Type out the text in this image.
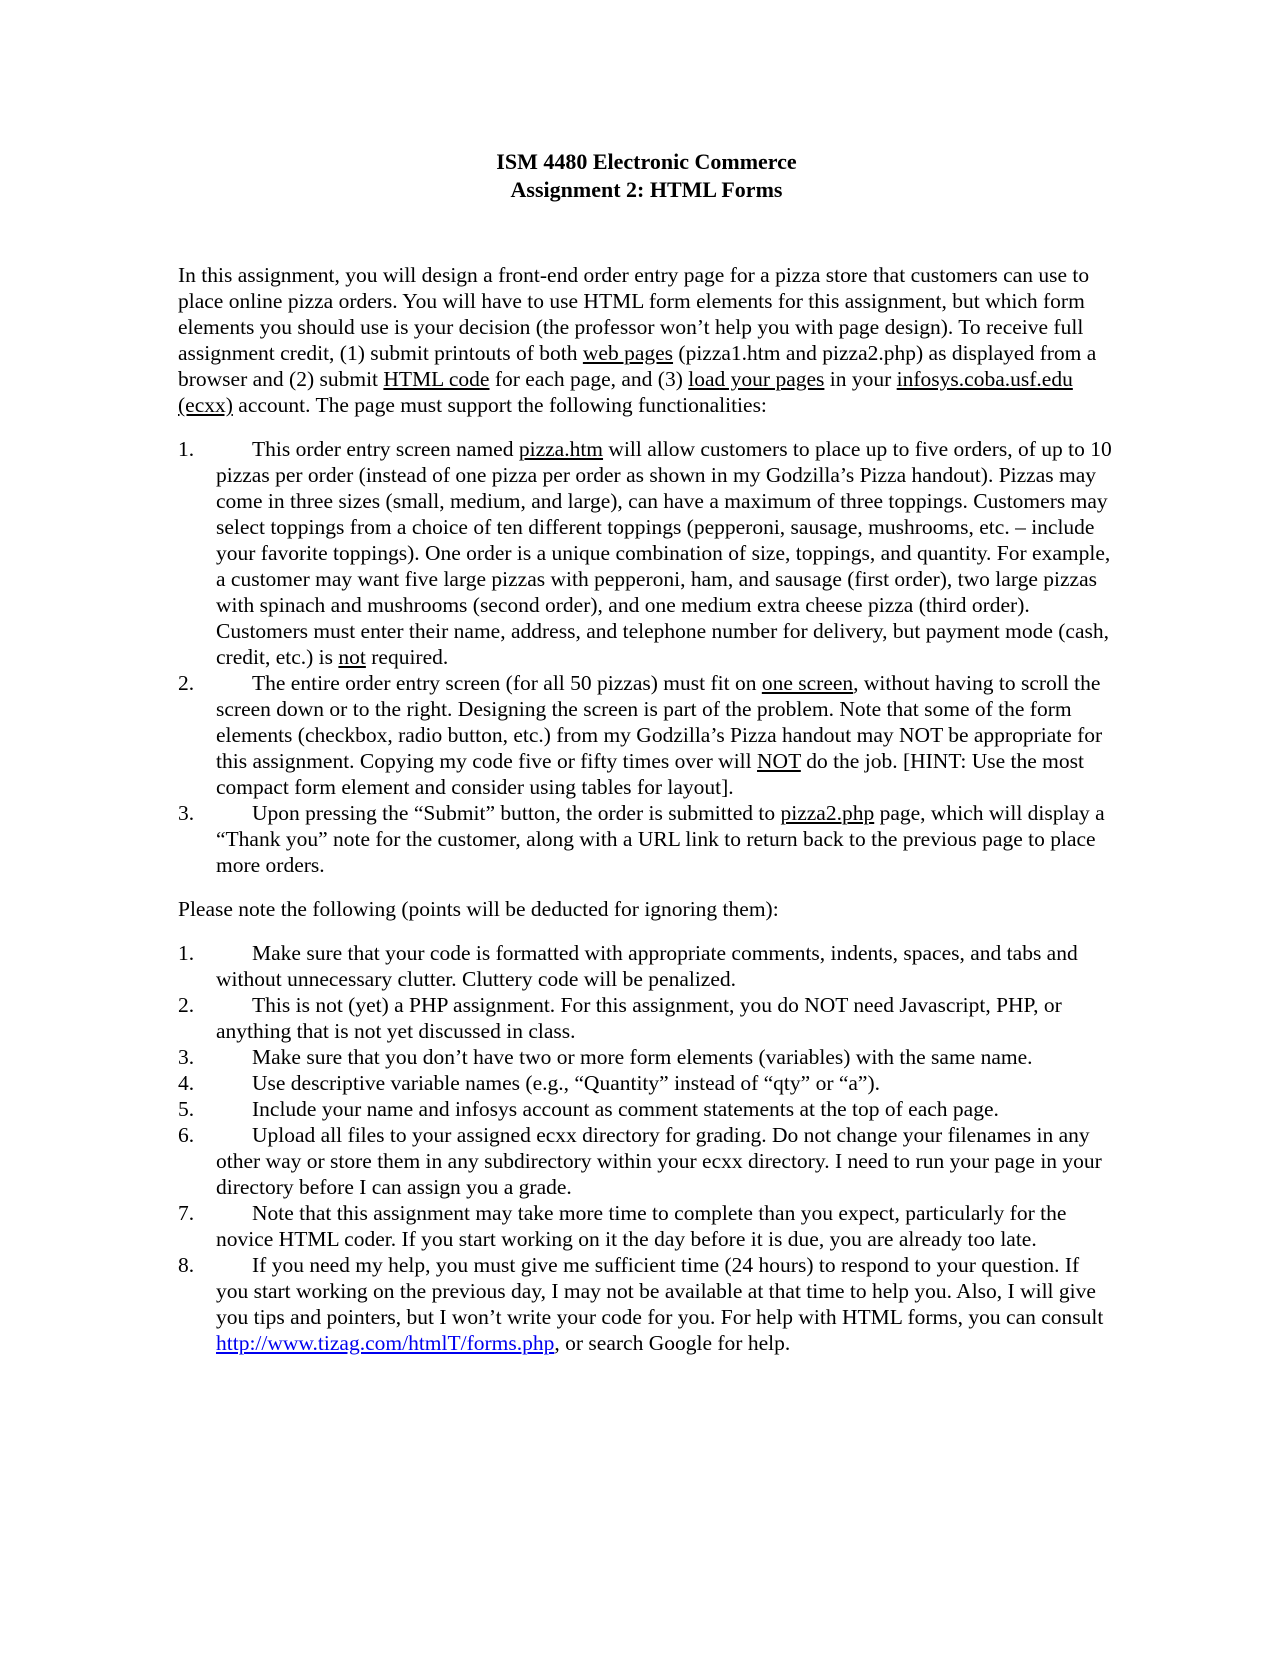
ISM 4480 Electronic Commerce
Assignment 2: HTML Forms

In this assignment, you will design a front-end order entry page for a pizza store that customers can use to place online pizza orders. You will have to use HTML form elements for this assignment, but which form elements you should use is your decision (the professor won’t help you with page design). To receive full assignment credit, (1) submit printouts of both web pages (pizza1.htm and pizza2.php) as displayed from a browser and (2) submit HTML code for each page, and (3) load your pages in your infosys.coba.usf.edu (ecxx) account. The page must support the following functionalities:

1.	This order entry screen named pizza.htm will allow customers to place up to five orders, of up to 10 pizzas per order (instead of one pizza per order as shown in my Godzilla’s Pizza handout). Pizzas may come in three sizes (small, medium, and large), can have a maximum of three toppings. Customers may select toppings from a choice of ten different toppings (pepperoni, sausage, mushrooms, etc. – include your favorite toppings). One order is a unique combination of size, toppings, and quantity. For example, a customer may want five large pizzas with pepperoni, ham, and sausage (first order), two large pizzas with spinach and mushrooms (second order), and one medium extra cheese pizza (third order). Customers must enter their name, address, and telephone number for delivery, but payment mode (cash, credit, etc.) is not required.
2.	The entire order entry screen (for all 50 pizzas) must fit on one screen, without having to scroll the screen down or to the right. Designing the screen is part of the problem. Note that some of the form elements (checkbox, radio button, etc.) from my Godzilla’s Pizza handout may NOT be appropriate for this assignment. Copying my code five or fifty times over will NOT do the job. [HINT: Use the most compact form element and consider using tables for layout].
3.	Upon pressing the “Submit” button, the order is submitted to pizza2.php page, which will display a “Thank you” note for the customer, along with a URL link to return back to the previous page to place more orders.

Please note the following (points will be deducted for ignoring them):

1.	Make sure that your code is formatted with appropriate comments, indents, spaces, and tabs and without unnecessary clutter. Cluttery code will be penalized.
2.	This is not (yet) a PHP assignment. For this assignment, you do NOT need Javascript, PHP, or anything that is not yet discussed in class.
3.	Make sure that you don’t have two or more form elements (variables) with the same name.
4.	Use descriptive variable names (e.g., “Quantity” instead of “qty” or “a”).
5.	Include your name and infosys account as comment statements at the top of each page.
6.	Upload all files to your assigned ecxx directory for grading. Do not change your filenames in any other way or store them in any subdirectory within your ecxx directory. I need to run your page in your directory before I can assign you a grade.
7.	Note that this assignment may take more time to complete than you expect, particularly for the novice HTML coder. If you start working on it the day before it is due, you are already too late.
8.	If you need my help, you must give me sufficient time (24 hours) to respond to your question. If you start working on the previous day, I may not be available at that time to help you. Also, I will give you tips and pointers, but I won’t write your code for you. For help with HTML forms, you can consult http://www.tizag.com/htmlT/forms.php, or search Google for help.
